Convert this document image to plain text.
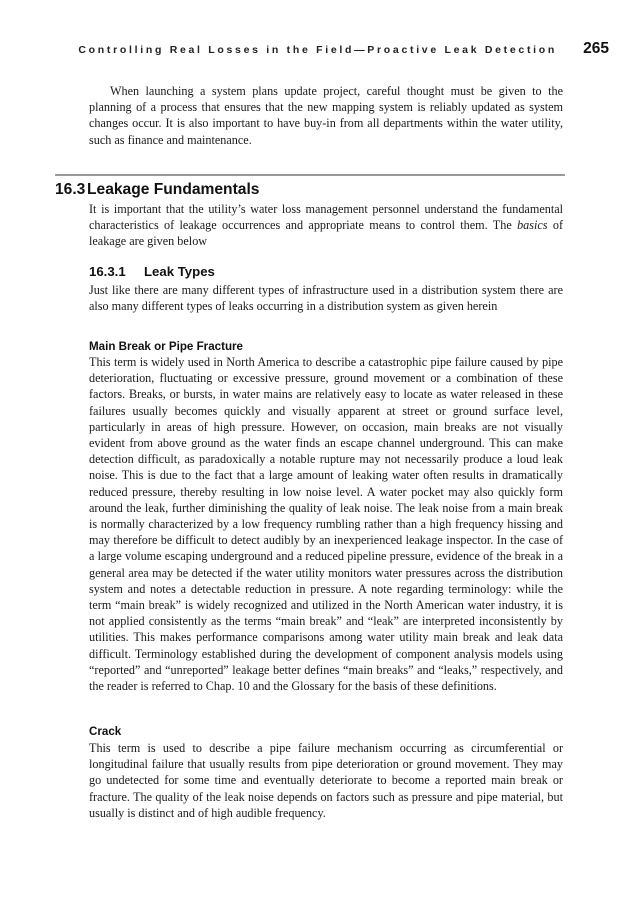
Controlling Real Losses in the Field—Proactive Leak Detection 265

When launching a system plans update project, careful thought must be given to the planning of a process that ensures that the new mapping system is reliably updated as system changes occur. It is also important to have buy-in from all departments within the water utility, such as finance and maintenance.

16.3 Leakage Fundamentals

It is important that the utility’s water loss management personnel understand the fundamental characteristics of leakage occurrences and appropriate means to control them. The basics of leakage are given below

16.3.1 Leak Types

Just like there are many different types of infrastructure used in a distribution system there are also many different types of leaks occurring in a distribution system as given herein

Main Break or Pipe Fracture

This term is widely used in North America to describe a catastrophic pipe failure caused by pipe deterioration, fluctuating or excessive pressure, ground movement or a combination of these factors. Breaks, or bursts, in water mains are relatively easy to locate as water released in these failures usually becomes quickly and visually apparent at street or ground surface level, particularly in areas of high pressure. However, on occasion, main breaks are not visually evident from above ground as the water finds an escape channel underground. This can make detection difficult, as paradoxically a notable rupture may not necessarily produce a loud leak noise. This is due to the fact that a large amount of leaking water often results in dramatically reduced pressure, thereby resulting in low noise level. A water pocket may also quickly form around the leak, further diminishing the quality of leak noise. The leak noise from a main break is normally characterized by a low frequency rumbling rather than a high frequency hissing and may therefore be difficult to detect audibly by an inexperienced leakage inspector. In the case of a large volume escaping underground and a reduced pipeline pressure, evidence of the break in a general area may be detected if the water utility monitors water pressures across the distribution system and notes a detectable reduction in pressure. A note regarding terminology: while the term “main break” is widely recognized and utilized in the North American water industry, it is not applied consistently as the terms “main break” and “leak” are interpreted inconsistently by utilities. This makes performance comparisons among water utility main break and leak data difficult. Terminology established during the development of component analysis models using “reported” and “unreported” leakage better defines “main breaks” and “leaks,” respectively, and the reader is referred to Chap. 10 and the Glossary for the basis of these definitions.

Crack

This term is used to describe a pipe failure mechanism occurring as circumferential or longitudinal failure that usually results from pipe deterioration or ground movement. They may go undetected for some time and eventually deteriorate to become a reported main break or fracture. The quality of the leak noise depends on factors such as pressure and pipe material, but usually is distinct and of high audible frequency.
